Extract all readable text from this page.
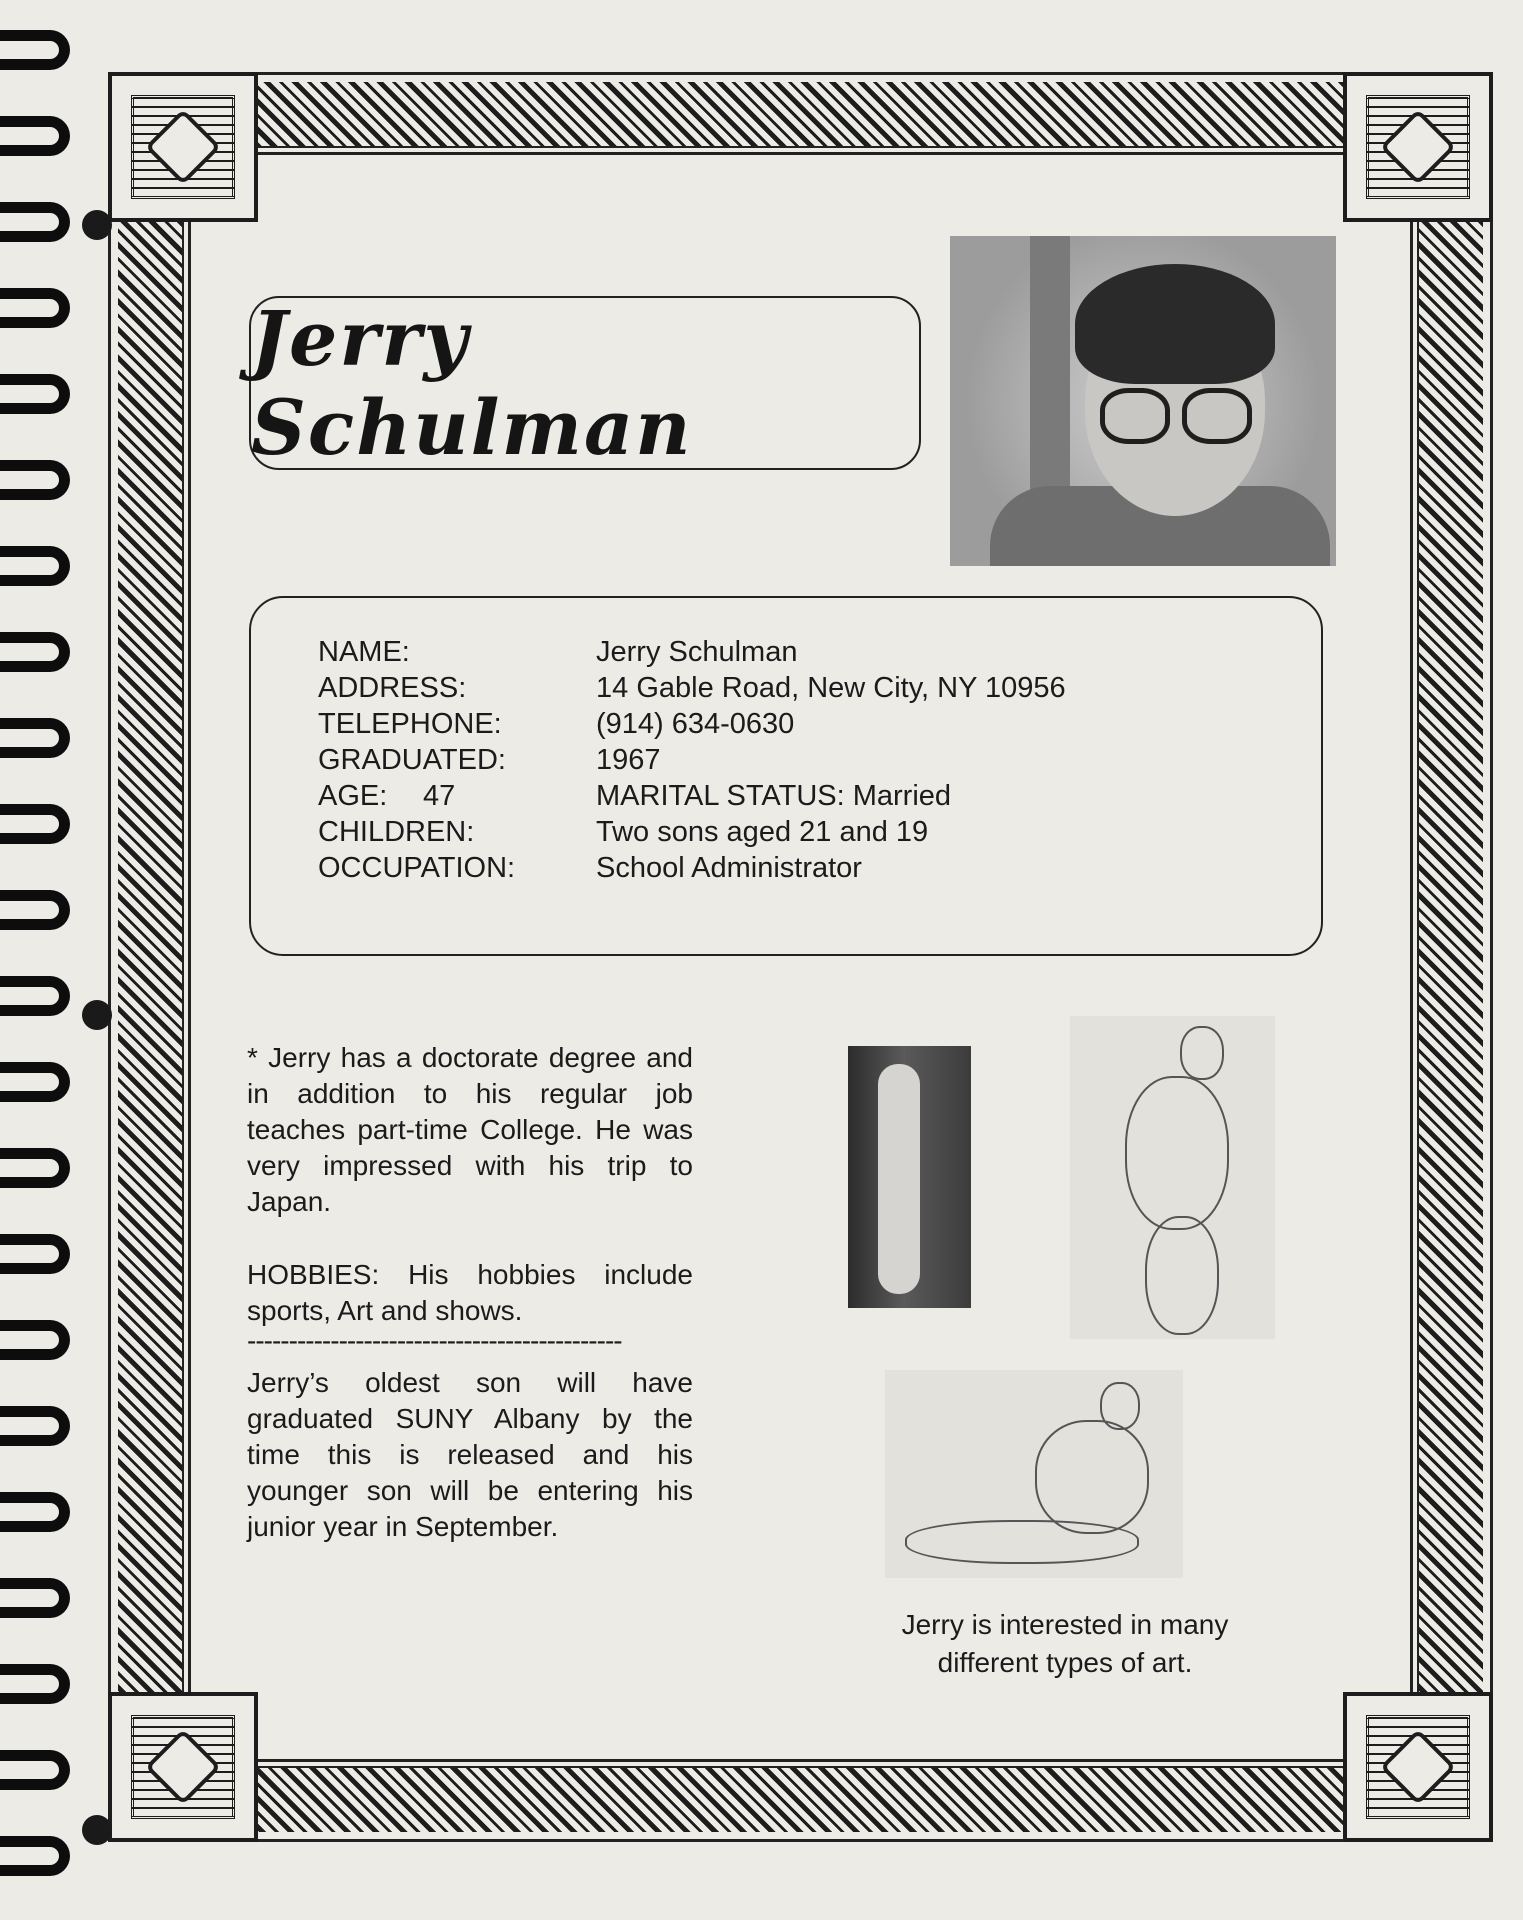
Jerry Schulman
NAME:	Jerry Schulman
ADDRESS:	14 Gable Road, New City, NY 10956
TELEPHONE:	(914) 634-0630
GRADUATED:	1967
AGE: 47	MARITAL STATUS: Married
CHILDREN:	Two sons aged 21 and 19
OCCUPATION:	School Administrator

* Jerry has a doctorate degree and in addition to his regular job teaches part-time College. He was very impressed with his trip to Japan.

HOBBIES: His hobbies include sports, Art and shows.

---------------------------------------------

Jerry’s oldest son will have graduated SUNY Albany by the time this is released and his younger son will be entering his junior year in September.

Jerry is interested in many
different types of art.
